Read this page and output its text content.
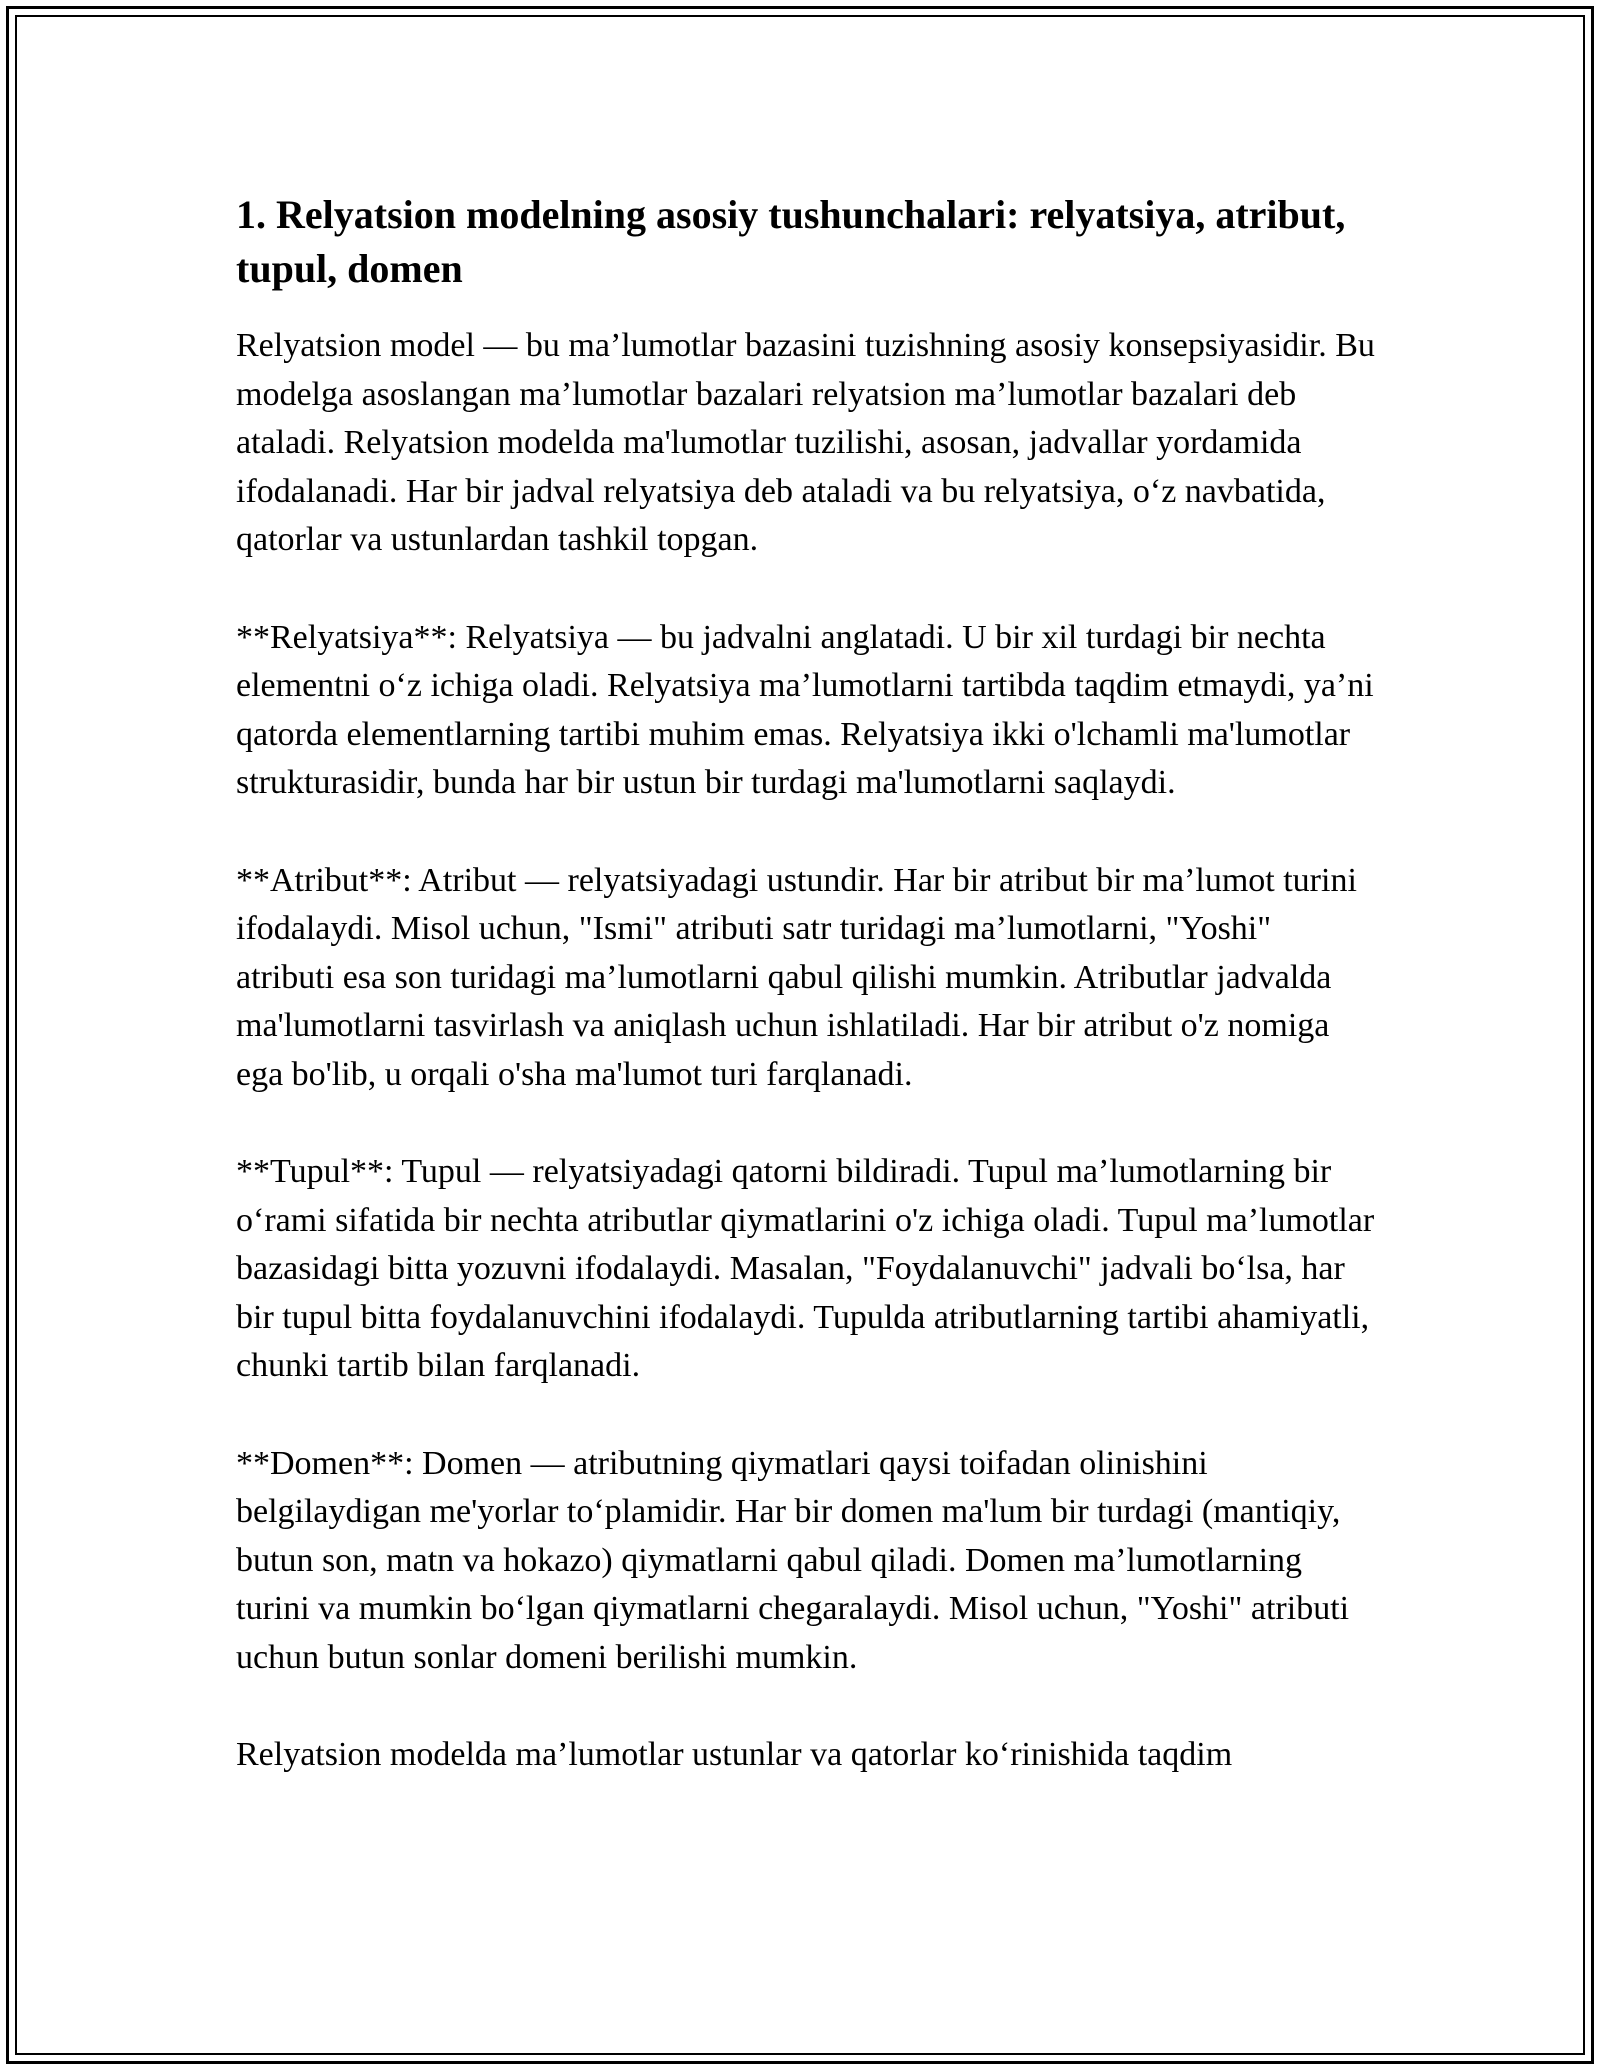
1. Relyatsion modelning asosiy tushunchalari: relyatsiya, atribut, tupul, domen

Relyatsion model — bu ma’lumotlar bazasini tuzishning asosiy konsepsiyasidir. Bu modelga asoslangan ma’lumotlar bazalari relyatsion ma’lumotlar bazalari deb ataladi. Relyatsion modelda ma'lumotlar tuzilishi, asosan, jadvallar yordamida ifodalanadi. Har bir jadval relyatsiya deb ataladi va bu relyatsiya, o‘z navbatida, qatorlar va ustunlardan tashkil topgan.

**Relyatsiya**: Relyatsiya — bu jadvalni anglatadi. U bir xil turdagi bir nechta elementni o‘z ichiga oladi. Relyatsiya ma’lumotlarni tartibda taqdim etmaydi, ya’ni qatorda elementlarning tartibi muhim emas. Relyatsiya ikki o'lchamli ma'lumotlar strukturasidir, bunda har bir ustun bir turdagi ma'lumotlarni saqlaydi.

**Atribut**: Atribut — relyatsiyadagi ustundir. Har bir atribut bir ma’lumot turini ifodalaydi. Misol uchun, "Ismi" atributi satr turidagi ma’lumotlarni, "Yoshi" atributi esa son turidagi ma’lumotlarni qabul qilishi mumkin. Atributlar jadvalda ma'lumotlarni tasvirlash va aniqlash uchun ishlatiladi. Har bir atribut o'z nomiga ega bo'lib, u orqali o'sha ma'lumot turi farqlanadi.

**Tupul**: Tupul — relyatsiyadagi qatorni bildiradi. Tupul ma’lumotlarning bir o‘rami sifatida bir nechta atributlar qiymatlarini o'z ichiga oladi. Tupul ma’lumotlar bazasidagi bitta yozuvni ifodalaydi. Masalan, "Foydalanuvchi" jadvali bo‘lsa, har bir tupul bitta foydalanuvchini ifodalaydi. Tupulda atributlarning tartibi ahamiyatli, chunki tartib bilan farqlanadi.

**Domen**: Domen — atributning qiymatlari qaysi toifadan olinishini belgilaydigan me'yorlar to‘plamidir. Har bir domen ma'lum bir turdagi (mantiqiy, butun son, matn va hokazo) qiymatlarni qabul qiladi. Domen ma’lumotlarning turini va mumkin bo‘lgan qiymatlarni chegaralaydi. Misol uchun, "Yoshi" atributi uchun butun sonlar domeni berilishi mumkin.

Relyatsion modelda ma’lumotlar ustunlar va qatorlar ko‘rinishida taqdim
